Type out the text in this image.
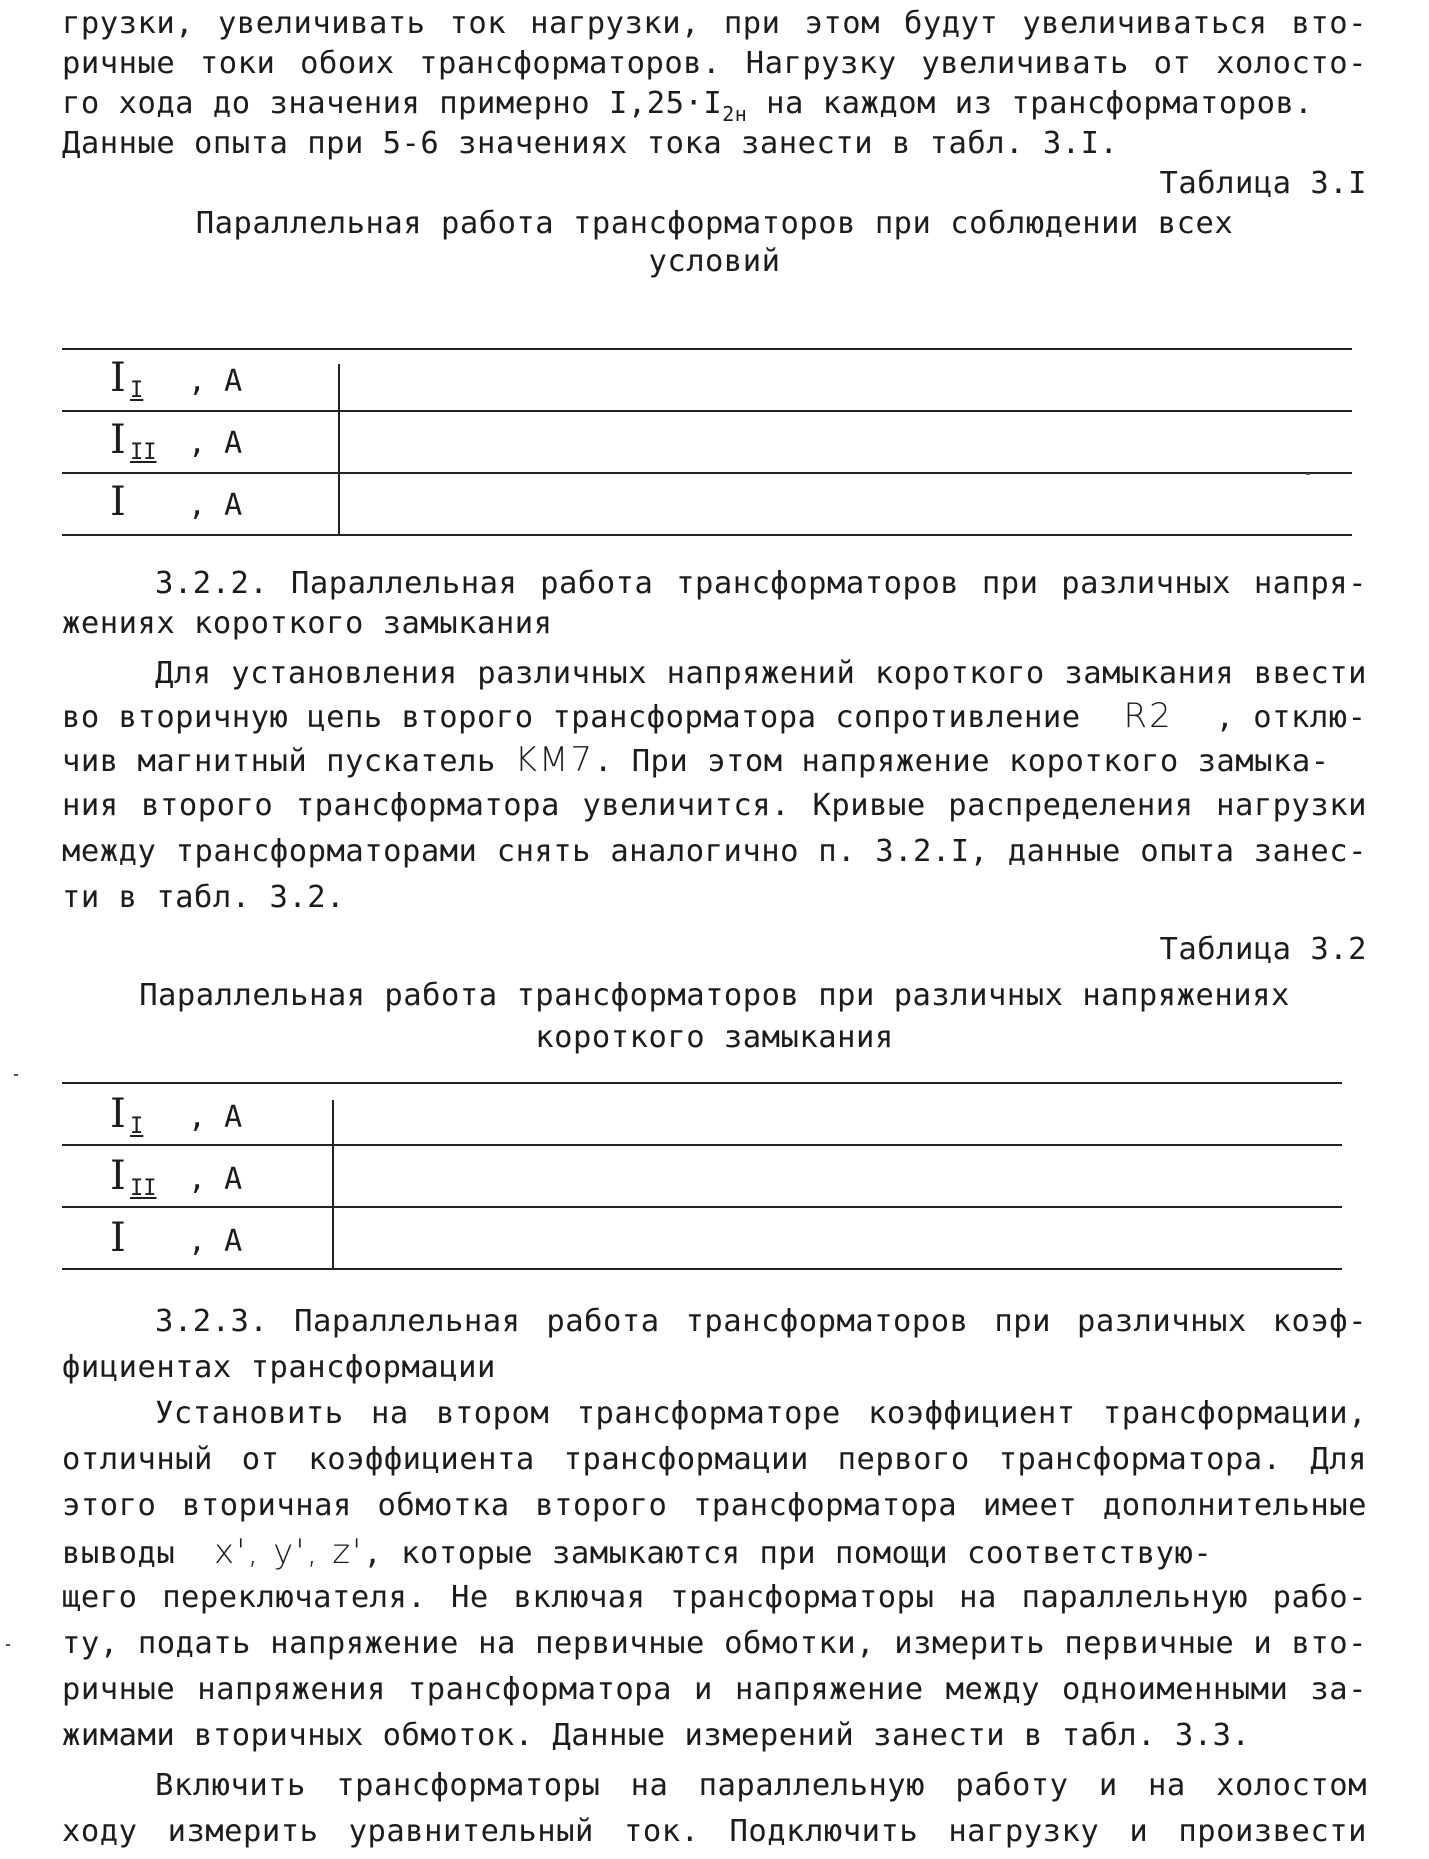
грузки, увеличивать ток нагрузки, при этом будут увеличиваться вто-
ричные токи обоих трансформаторов. Нагрузку увеличивать от холосто-
го хода до значения примерно $I,25\cdot I_{2н}$ на каждом из трансформаторов.
Данные опыта при 5-6 значениях тока занести в табл. 3.I.
Таблица 3.I
Параллельная работа трансформаторов при соблюдении всех
условий
I I , А
I II , А
I , А
3.2.2. Параллельная работа трансформаторов при различных напря-
жениях короткого замыкания
Для установления различных напряжений короткого замыкания ввести
во вторичную цепь второго трансформатора сопротивление R2 , отклю-
чив магнитный пускатель KM7. При этом напряжение короткого замыка-
ния второго трансформатора увеличится. Кривые распределения нагрузки
между трансформаторами снять аналогично п. 3.2.I, данные опыта занес-
ти в табл. 3.2.
Таблица 3.2
Параллельная работа трансформаторов при различных напряжениях
короткого замыкания
I I , А
I II , А
I , А
3.2.3. Параллельная работа трансформаторов при различных коэф-
фициентах трансформации
Установить на втором трансформаторе коэффициент трансформации,
отличный от коэффициента трансформации первого трансформатора. Для
этого вторичная обмотка второго трансформатора имеет дополнительные
выводы x', y', z', которые замыкаются при помощи соответствую-
щего переключателя. Не включая трансформаторы на параллельную рабо-
ту, подать напряжение на первичные обмотки, измерить первичные и вто-
ричные напряжения трансформатора и напряжение между одноименными за-
жимами вторичных обмоток. Данные измерений занести в табл. 3.3.
Включить трансформаторы на параллельную работу и на холостом
ходу измерить уравнительный ток. Подключить нагрузку и произвести
